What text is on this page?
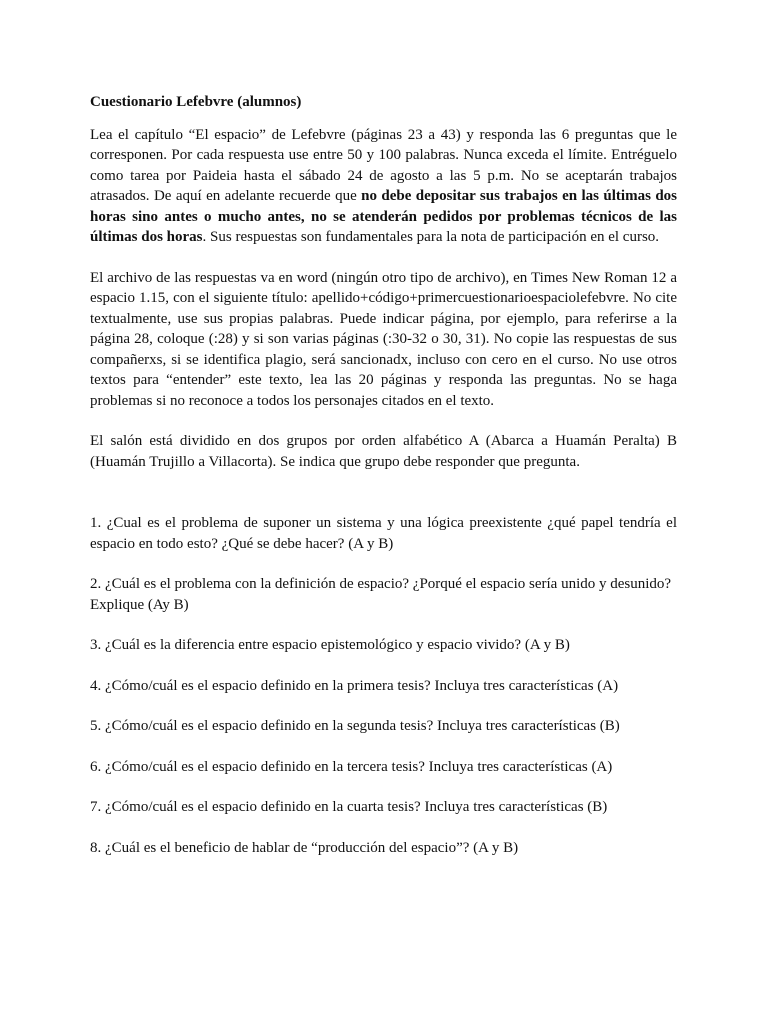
Cuestionario Lefebvre (alumnos)

Lea el capítulo “El espacio” de Lefebvre (páginas 23 a 43) y responda las 6 preguntas que le corresponen. Por cada respuesta use entre 50 y 100 palabras. Nunca exceda el límite. Entréguelo como tarea por Paideia hasta el sábado 24 de agosto a las 5 p.m. No se aceptarán trabajos atrasados. De aquí en adelante recuerde que no debe depositar sus trabajos en las últimas dos horas sino antes o mucho antes, no se atenderán pedidos por problemas técnicos de las últimas dos horas. Sus respuestas son fundamentales para la nota de participación en el curso.

El archivo de las respuestas va en word (ningún otro tipo de archivo), en Times New Roman 12 a espacio 1.15, con el siguiente título: apellido+código+primercuestionarioespaciolefebvre. No cite textualmente, use sus propias palabras. Puede indicar página, por ejemplo, para referirse a la página 28, coloque (:28) y si son varias páginas (:30-32 o 30, 31). No copie las respuestas de sus compañerxs, si se identifica plagio, será sancionadx, incluso con cero en el curso. No use otros textos para “entender” este texto, lea las 20 páginas y responda las preguntas. No se haga problemas si no reconoce a todos los personajes citados en el texto.

El salón está dividido en dos grupos por orden alfabético A (Abarca a Huamán Peralta) B (Huamán Trujillo a Villacorta). Se indica que grupo debe responder que pregunta.

1. ¿Cual es el problema de suponer un sistema y una lógica preexistente ¿qué papel tendría el espacio en todo esto? ¿Qué se debe hacer? (A y B)

2. ¿Cuál es el problema con la definición de espacio? ¿Porqué el espacio sería unido y desunido? Explique (Ay B)

3. ¿Cuál es la diferencia entre espacio epistemológico y espacio vivido? (A y B)

4. ¿Cómo/cuál es el espacio definido en la primera tesis? Incluya tres características (A)

5. ¿Cómo/cuál es el espacio definido en la segunda tesis? Incluya tres características (B)

6. ¿Cómo/cuál es el espacio definido en la tercera tesis? Incluya tres características (A)

7. ¿Cómo/cuál es el espacio definido en la cuarta tesis? Incluya tres características (B)

8. ¿Cuál es el beneficio de hablar de “producción del espacio”? (A y B)
